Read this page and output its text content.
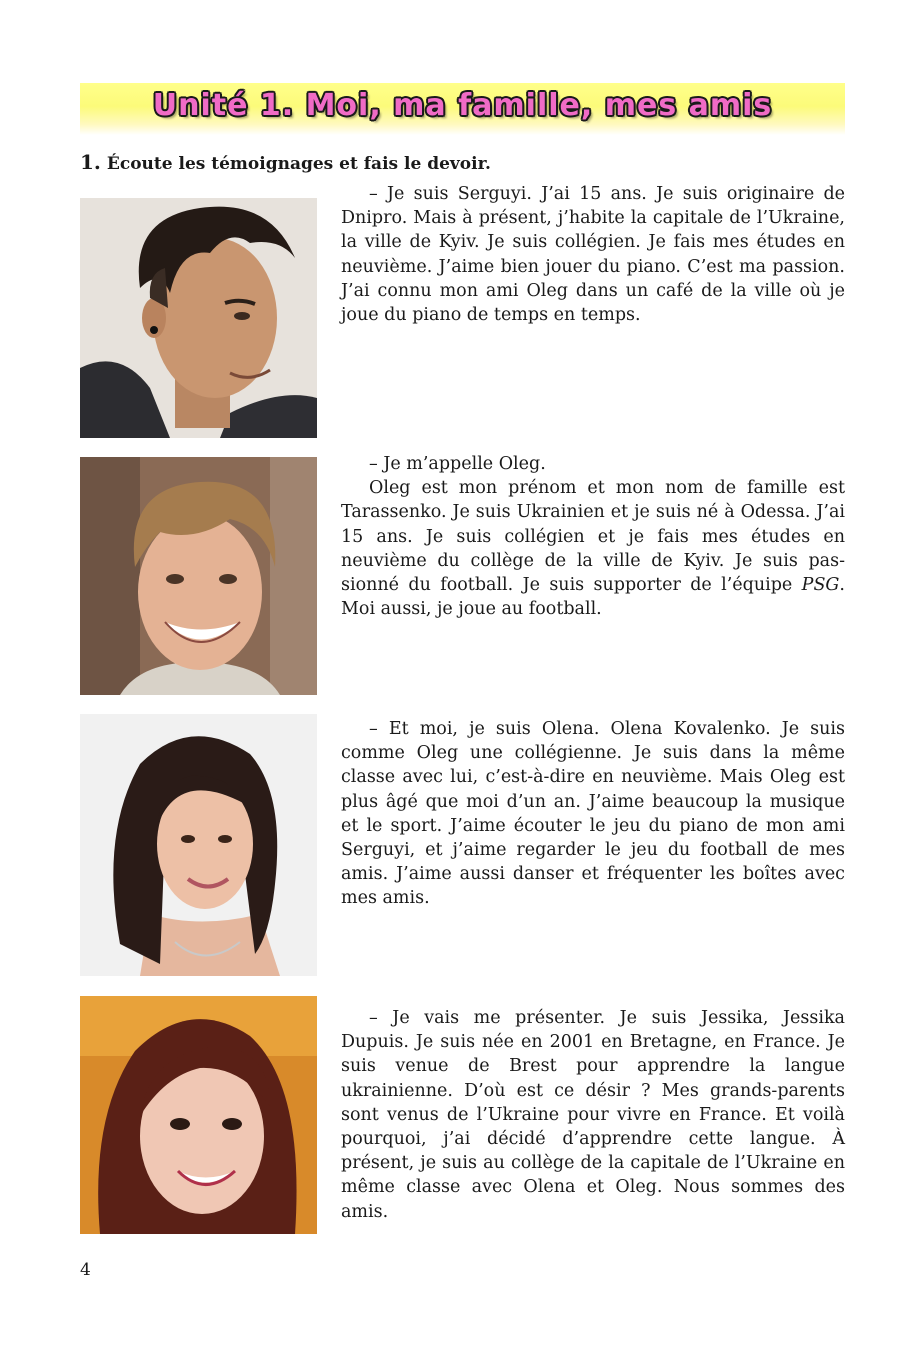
Unité 1. Moi, ma famille, mes amis
1. Écoute les témoignages et fais le devoir.

– Je suis Serguyi. J’ai 15 ans. Je suis originaire de Dnipro. Mais à présent, j’habite la capitale de l’Ukraine, la ville de Kyiv. Je suis collégien. Je fais mes études en neuvième. J’aime bien jouer du piano. C’est ma passion. J’ai connu mon ami Oleg dans un café de la ville où je joue du piano de temps en temps.

– Je m’appelle Oleg.

Oleg est mon prénom et mon nom de famille est Tarassenko. Je suis Ukrainien et je suis né à Odessa. J’ai 15 ans. Je suis collégien et je fais mes études en neuvième du collège de la ville de Kyiv. Je suis passionné du football. Je suis supporter de l’équipe PSG. Moi aussi, je joue au football.

– Et moi, je suis Olena. Olena Kovalenko. Je suis comme Oleg une collégienne. Je suis dans la même classe avec lui, c’est-à-dire en neuvième. Mais Oleg est plus âgé que moi d’un an. J’aime beaucoup la musique et le sport. J’aime écouter le jeu du piano de mon ami Serguyi, et j’aime regarder le jeu du football de mes amis. J’aime aussi danser et fréquenter les boîtes avec mes amis.

– Je vais me présenter. Je suis Jessika, Jessika Dupuis. Je suis née en 2001 en Bretagne, en France. Je suis venue de Brest pour apprendre la langue ukrainienne. D’où est ce désir ? Mes grands-parents sont venus de l’Ukraine pour vivre en France. Et voilà pourquoi, j’ai décidé d’apprendre cette langue. À présent, je suis au collège de la capitale de l’Ukraine en même classe avec Olena et Oleg. Nous sommes des amis.

4
